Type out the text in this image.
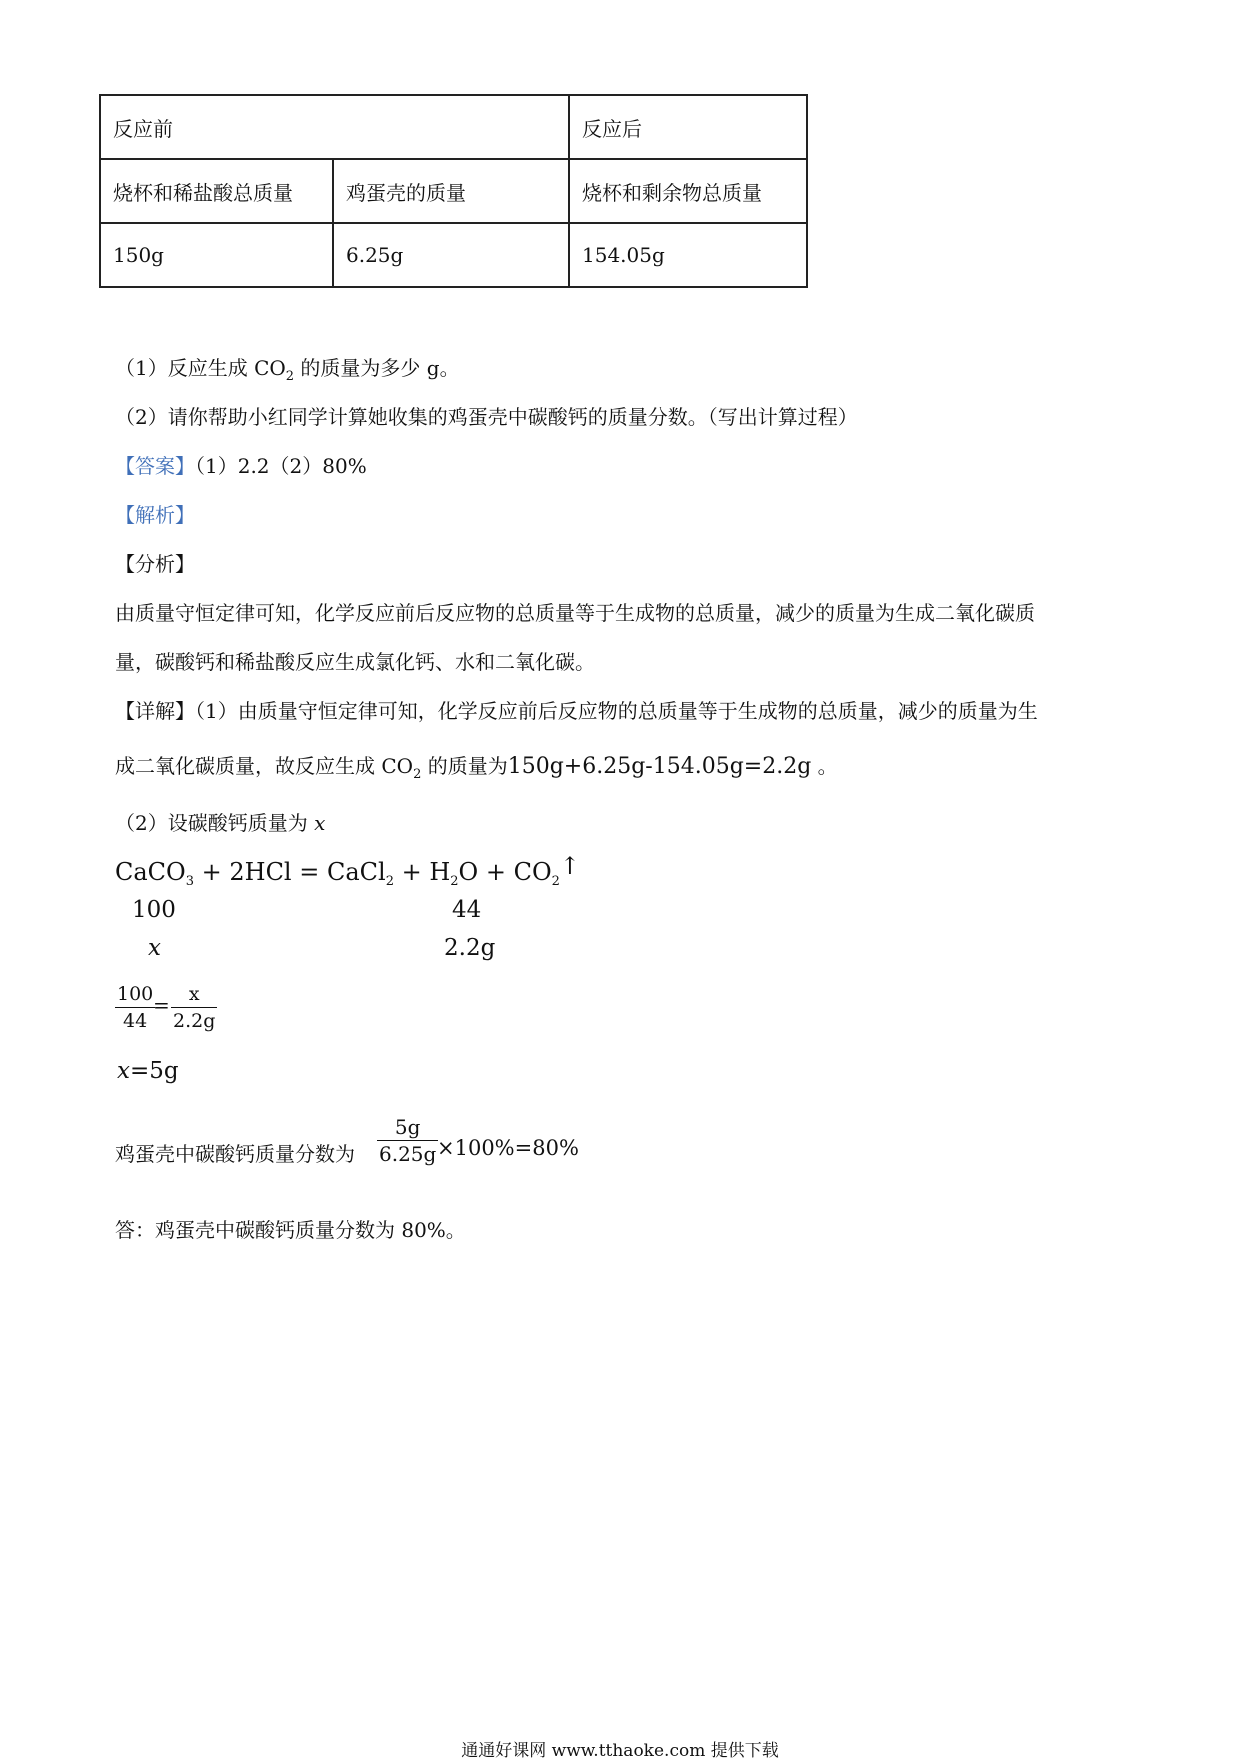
反应前		反应后
烧杯和稀盐酸总质量	鸡蛋壳的质量	烧杯和剩余物总质量
150g	6.25g	154.05g
（1）反应生成 $CO_2$ 的质量为多少 g。
（2）请你帮助小红同学计算她收集的鸡蛋壳中碳酸钙的质量分数。（写出计算过程）
【答案】（1）2.2（2）80%
【解析】
【分析】
由质量守恒定律可知，化学反应前后反应物的总质量等于生成物的总质量，减少的质量为生成二氧化碳质
量，碳酸钙和稀盐酸反应生成氯化钙、水和二氧化碳。
【详解】（1）由质量守恒定律可知，化学反应前后反应物的总质量等于生成物的总质量，减少的质量为生
成二氧化碳质量，故反应生成 $CO_2$ 的质量为150g+6.25g-154.05g=2.2g 。
（2）设碳酸钙质量为 x
CaCO$_3$ + 2HCl = CaCl$_2$ + $H_2O$ + $CO_2↑$
100	44
x	2.2g
$\frac{100}{44}$
= $\frac{x}{2.2g}$
x=5g
鸡蛋壳中碳酸钙质量分数为 $\frac{5g}{6.25g}$
×100%=80%
答：鸡蛋壳中碳酸钙质量分数为 80%。
通通好课网 www.tthaoke.com 提供下载
